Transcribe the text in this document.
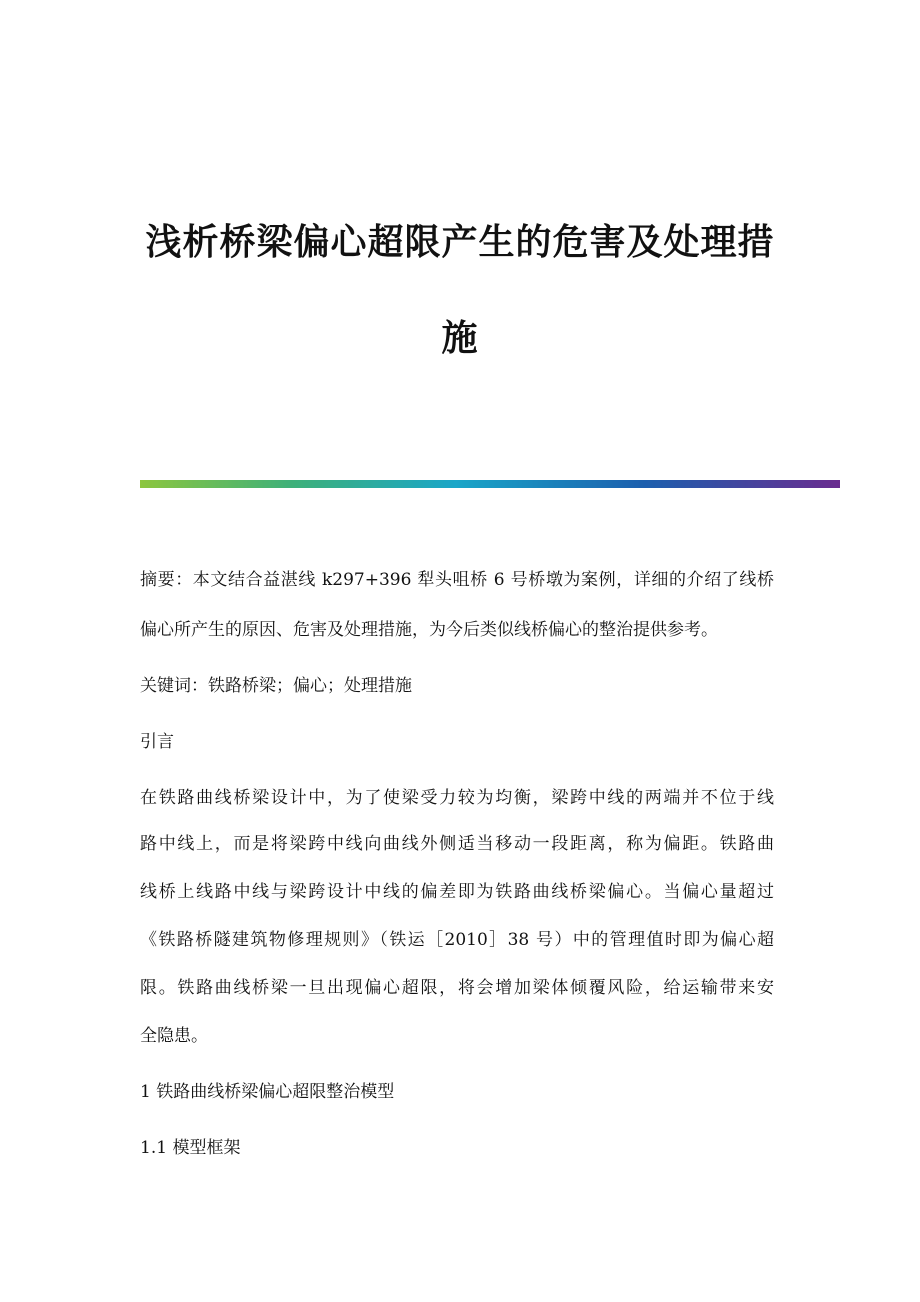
浅析桥梁偏心超限产生的危害及处理措
施

摘要：本文结合益湛线 k297+396 犁头咀桥 6 号桥墩为案例，详细的介绍了线桥

偏心所产生的原因、危害及处理措施，为今后类似线桥偏心的整治提供参考。

关键词：铁路桥梁；偏心；处理措施

引言

在铁路曲线桥梁设计中，为了使梁受力较为均衡，梁跨中线的两端并不位于线

路中线上，而是将梁跨中线向曲线外侧适当移动一段距离，称为偏距。铁路曲

线桥上线路中线与梁跨设计中线的偏差即为铁路曲线桥梁偏心。当偏心量超过

《铁路桥隧建筑物修理规则》（铁运［2010］38 号）中的管理值时即为偏心超

限。铁路曲线桥梁一旦出现偏心超限，将会增加梁体倾覆风险，给运输带来安

全隐患。

1 铁路曲线桥梁偏心超限整治模型

1.1 模型框架
